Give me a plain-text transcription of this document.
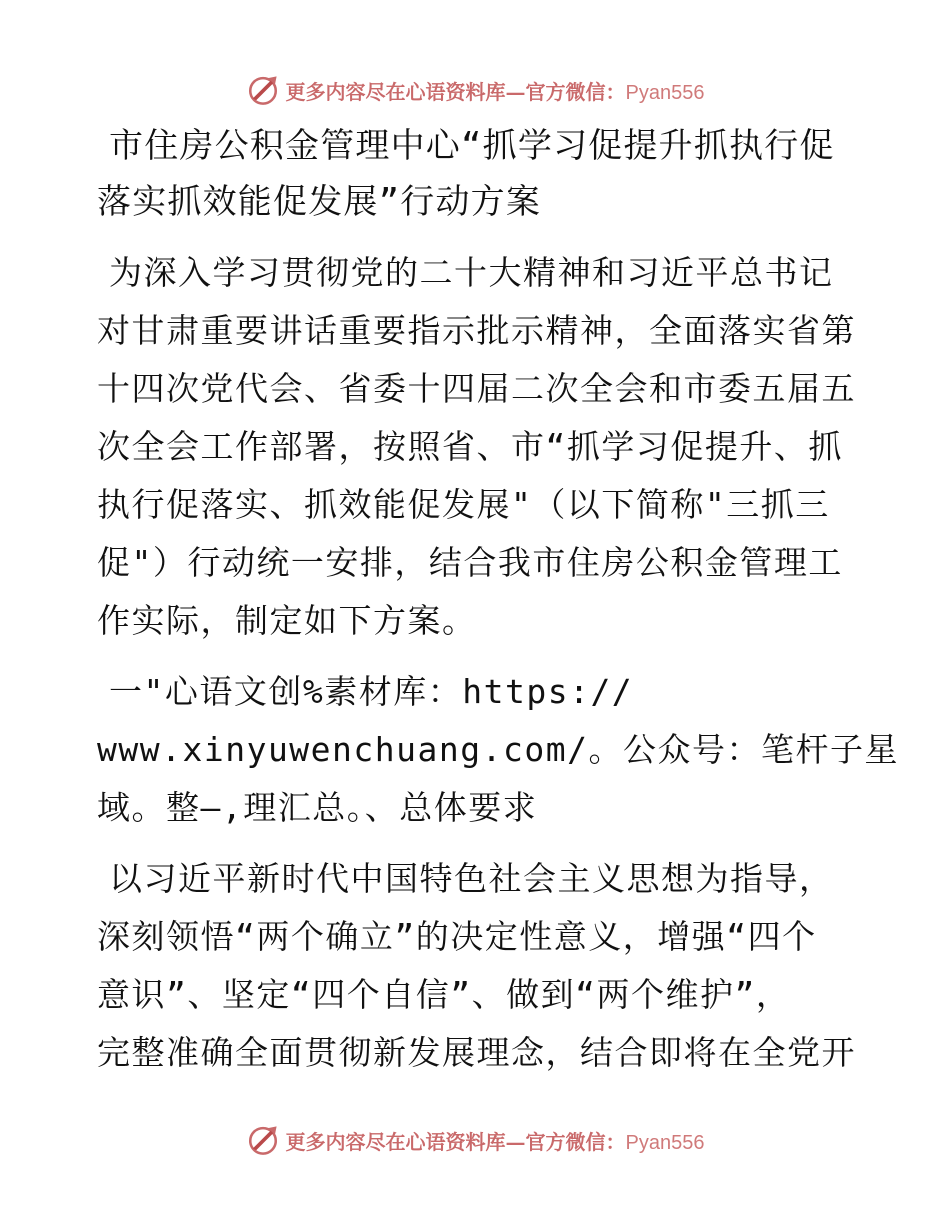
更多内容尽在心语资料库—官方微信：Pyan556
市住房公积金管理中心“抓学习促提升抓执行促
落实抓效能促发展”行动方案
为深入学习贯彻党的二十大精神和习近平总书记
对甘肃重要讲话重要指示批示精神，全面落实省第
十四次党代会、省委十四届二次全会和市委五届五
次全会工作部署，按照省、市“抓学习促提升、抓
执行促落实、抓效能促发展"（以下简称"三抓三
促"）行动统一安排，结合我市住房公积金管理工
作实际，制定如下方案。
一"心语文创%素材库：https://
www.xinyuwenchuang.com/。公众号：笔杆子星
域。整—,理汇总。、总体要求
以习近平新时代中国特色社会主义思想为指导，
深刻领悟“两个确立”的决定性意义，增强“四个
意识”、坚定“四个自信”、做到“两个维护”，
完整准确全面贯彻新发展理念，结合即将在全党开
更多内容尽在心语资料库—官方微信：Pyan556
